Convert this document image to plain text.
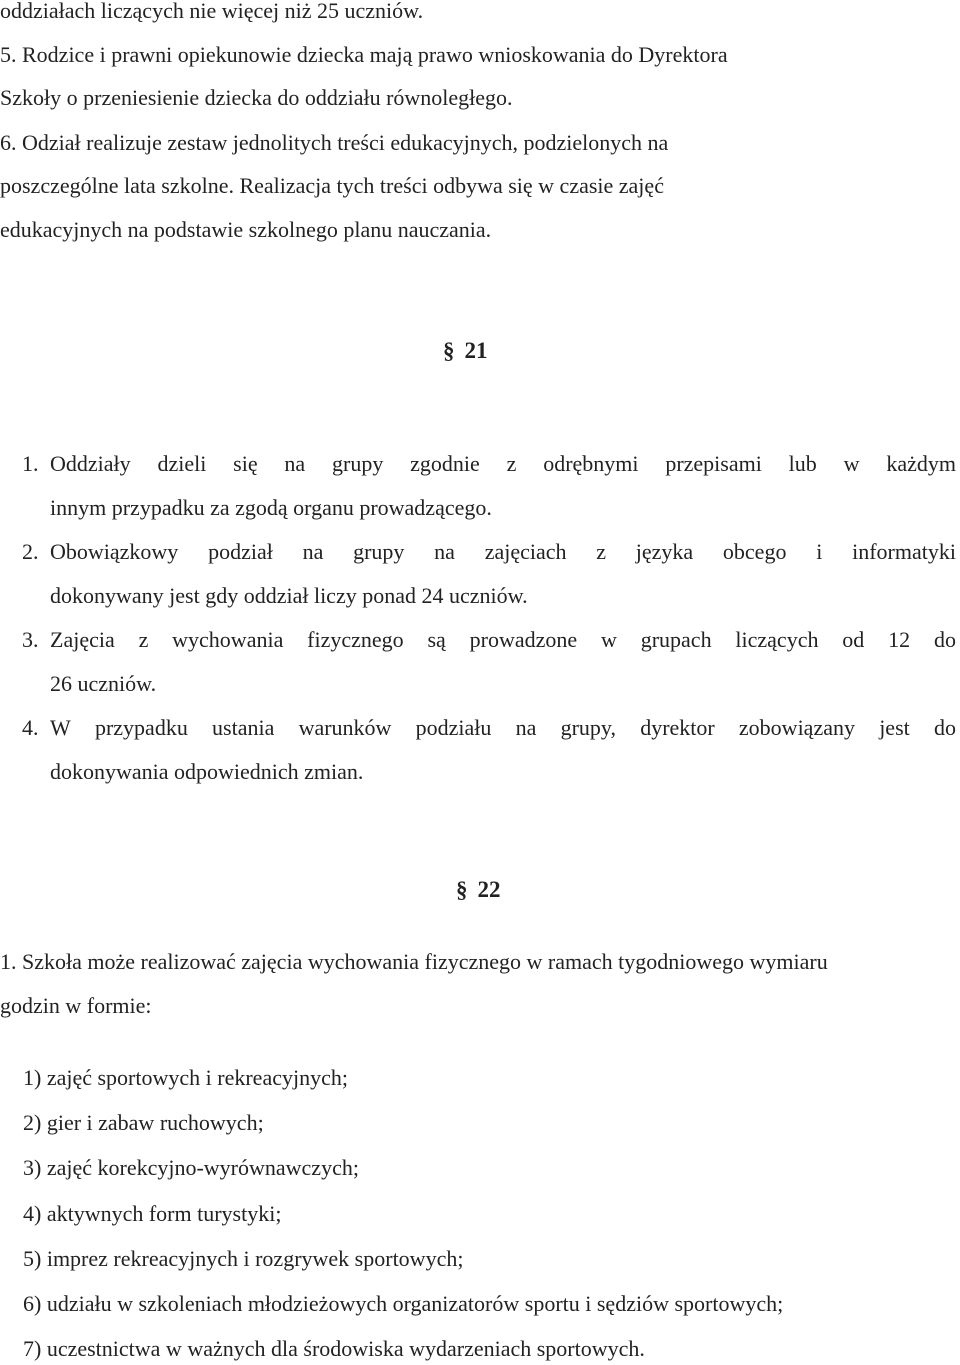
oddziałach liczących nie więcej niż 25 uczniów.
5. Rodzice i prawni opiekunowie dziecka mają prawo wnioskowania do Dyrektora
Szkoły o przeniesienie dziecka do oddziału równoległego.
6. Odział realizuje zestaw jednolitych treści edukacyjnych, podzielonych na
poszczególne lata szkolne. Realizacja tych treści odbywa się w czasie zajęć
edukacyjnych na podstawie szkolnego planu nauczania.
§ 21
1. Oddziały dzieli się na grupy zgodnie z odrębnymi przepisami lub w każdym
innym przypadku za zgodą organu prowadzącego.
2. Obowiązkowy podział na grupy na zajęciach z języka obcego i informatyki
dokonywany jest gdy oddział liczy ponad 24 uczniów.
3. Zajęcia z wychowania fizycznego są prowadzone w grupach liczących od 12 do
26 uczniów.
4. W przypadku ustania warunków podziału na grupy, dyrektor zobowiązany jest do
dokonywania odpowiednich zmian.
§ 22
1. Szkoła może realizować zajęcia wychowania fizycznego w ramach tygodniowego wymiaru
godzin w formie:
1) zajęć sportowych i rekreacyjnych;
2) gier i zabaw ruchowych;
3) zajęć korekcyjno-wyrównawczych;
4) aktywnych form turystyki;
5) imprez rekreacyjnych i rozgrywek sportowych;
6) udziału w szkoleniach młodzieżowych organizatorów sportu i sędziów sportowych;
7) uczestnictwa w ważnych dla środowiska wydarzeniach sportowych.
